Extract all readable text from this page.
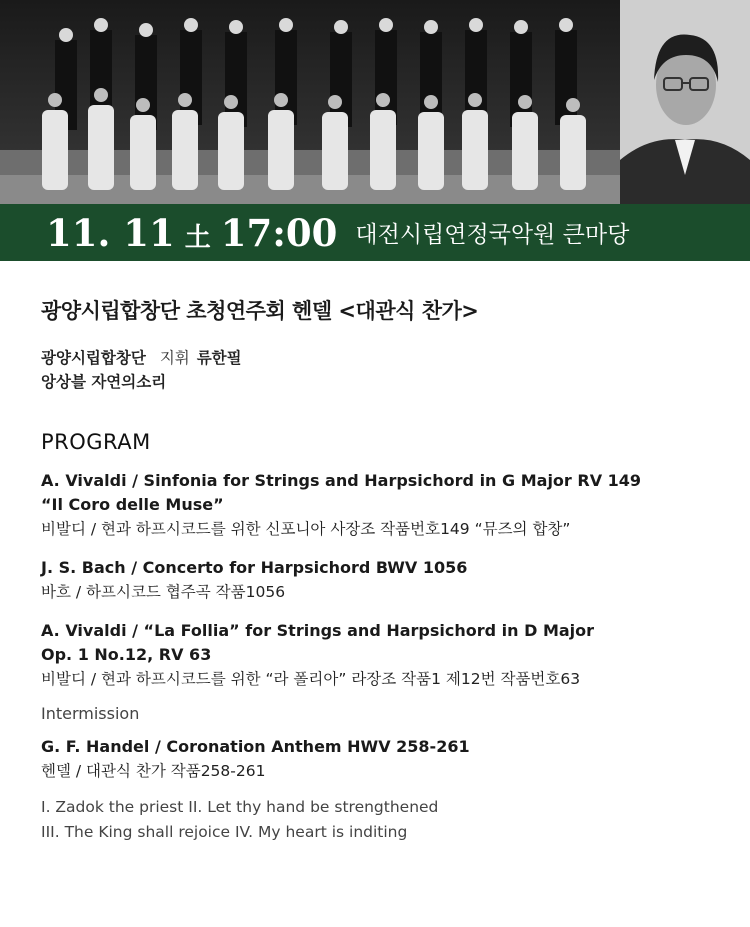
11. 11 土 17:00 대전시립연정국악원 큰마당
광양시립합창단 초청연주회 헨델 <대관식 찬가>
광양시립합창단 지휘 류한필
앙상블 자연의소리
PROGRAM
A. Vivaldi / Sinfonia for Strings and Harpsichord in G Major RV 149
“Il Coro delle Muse”
비발디 / 현과 하프시코드를 위한 신포니아 사장조 작품번호149 “뮤즈의 합창”
J. S. Bach / Concerto for Harpsichord BWV 1056
바흐 / 하프시코드 협주곡 작품1056
A. Vivaldi / “La Follia” for Strings and Harpsichord in D Major
Op. 1 No.12, RV 63
비발디 / 현과 하프시코드를 위한 “라 폴리아” 라장조 작품1 제12번 작품번호63
Intermission
G. F. Handel / Coronation Anthem HWV 258-261
헨델 / 대관식 찬가 작품258-261
I. Zadok the priest II. Let thy hand be strengthened
III. The King shall rejoice IV. My heart is inditing
